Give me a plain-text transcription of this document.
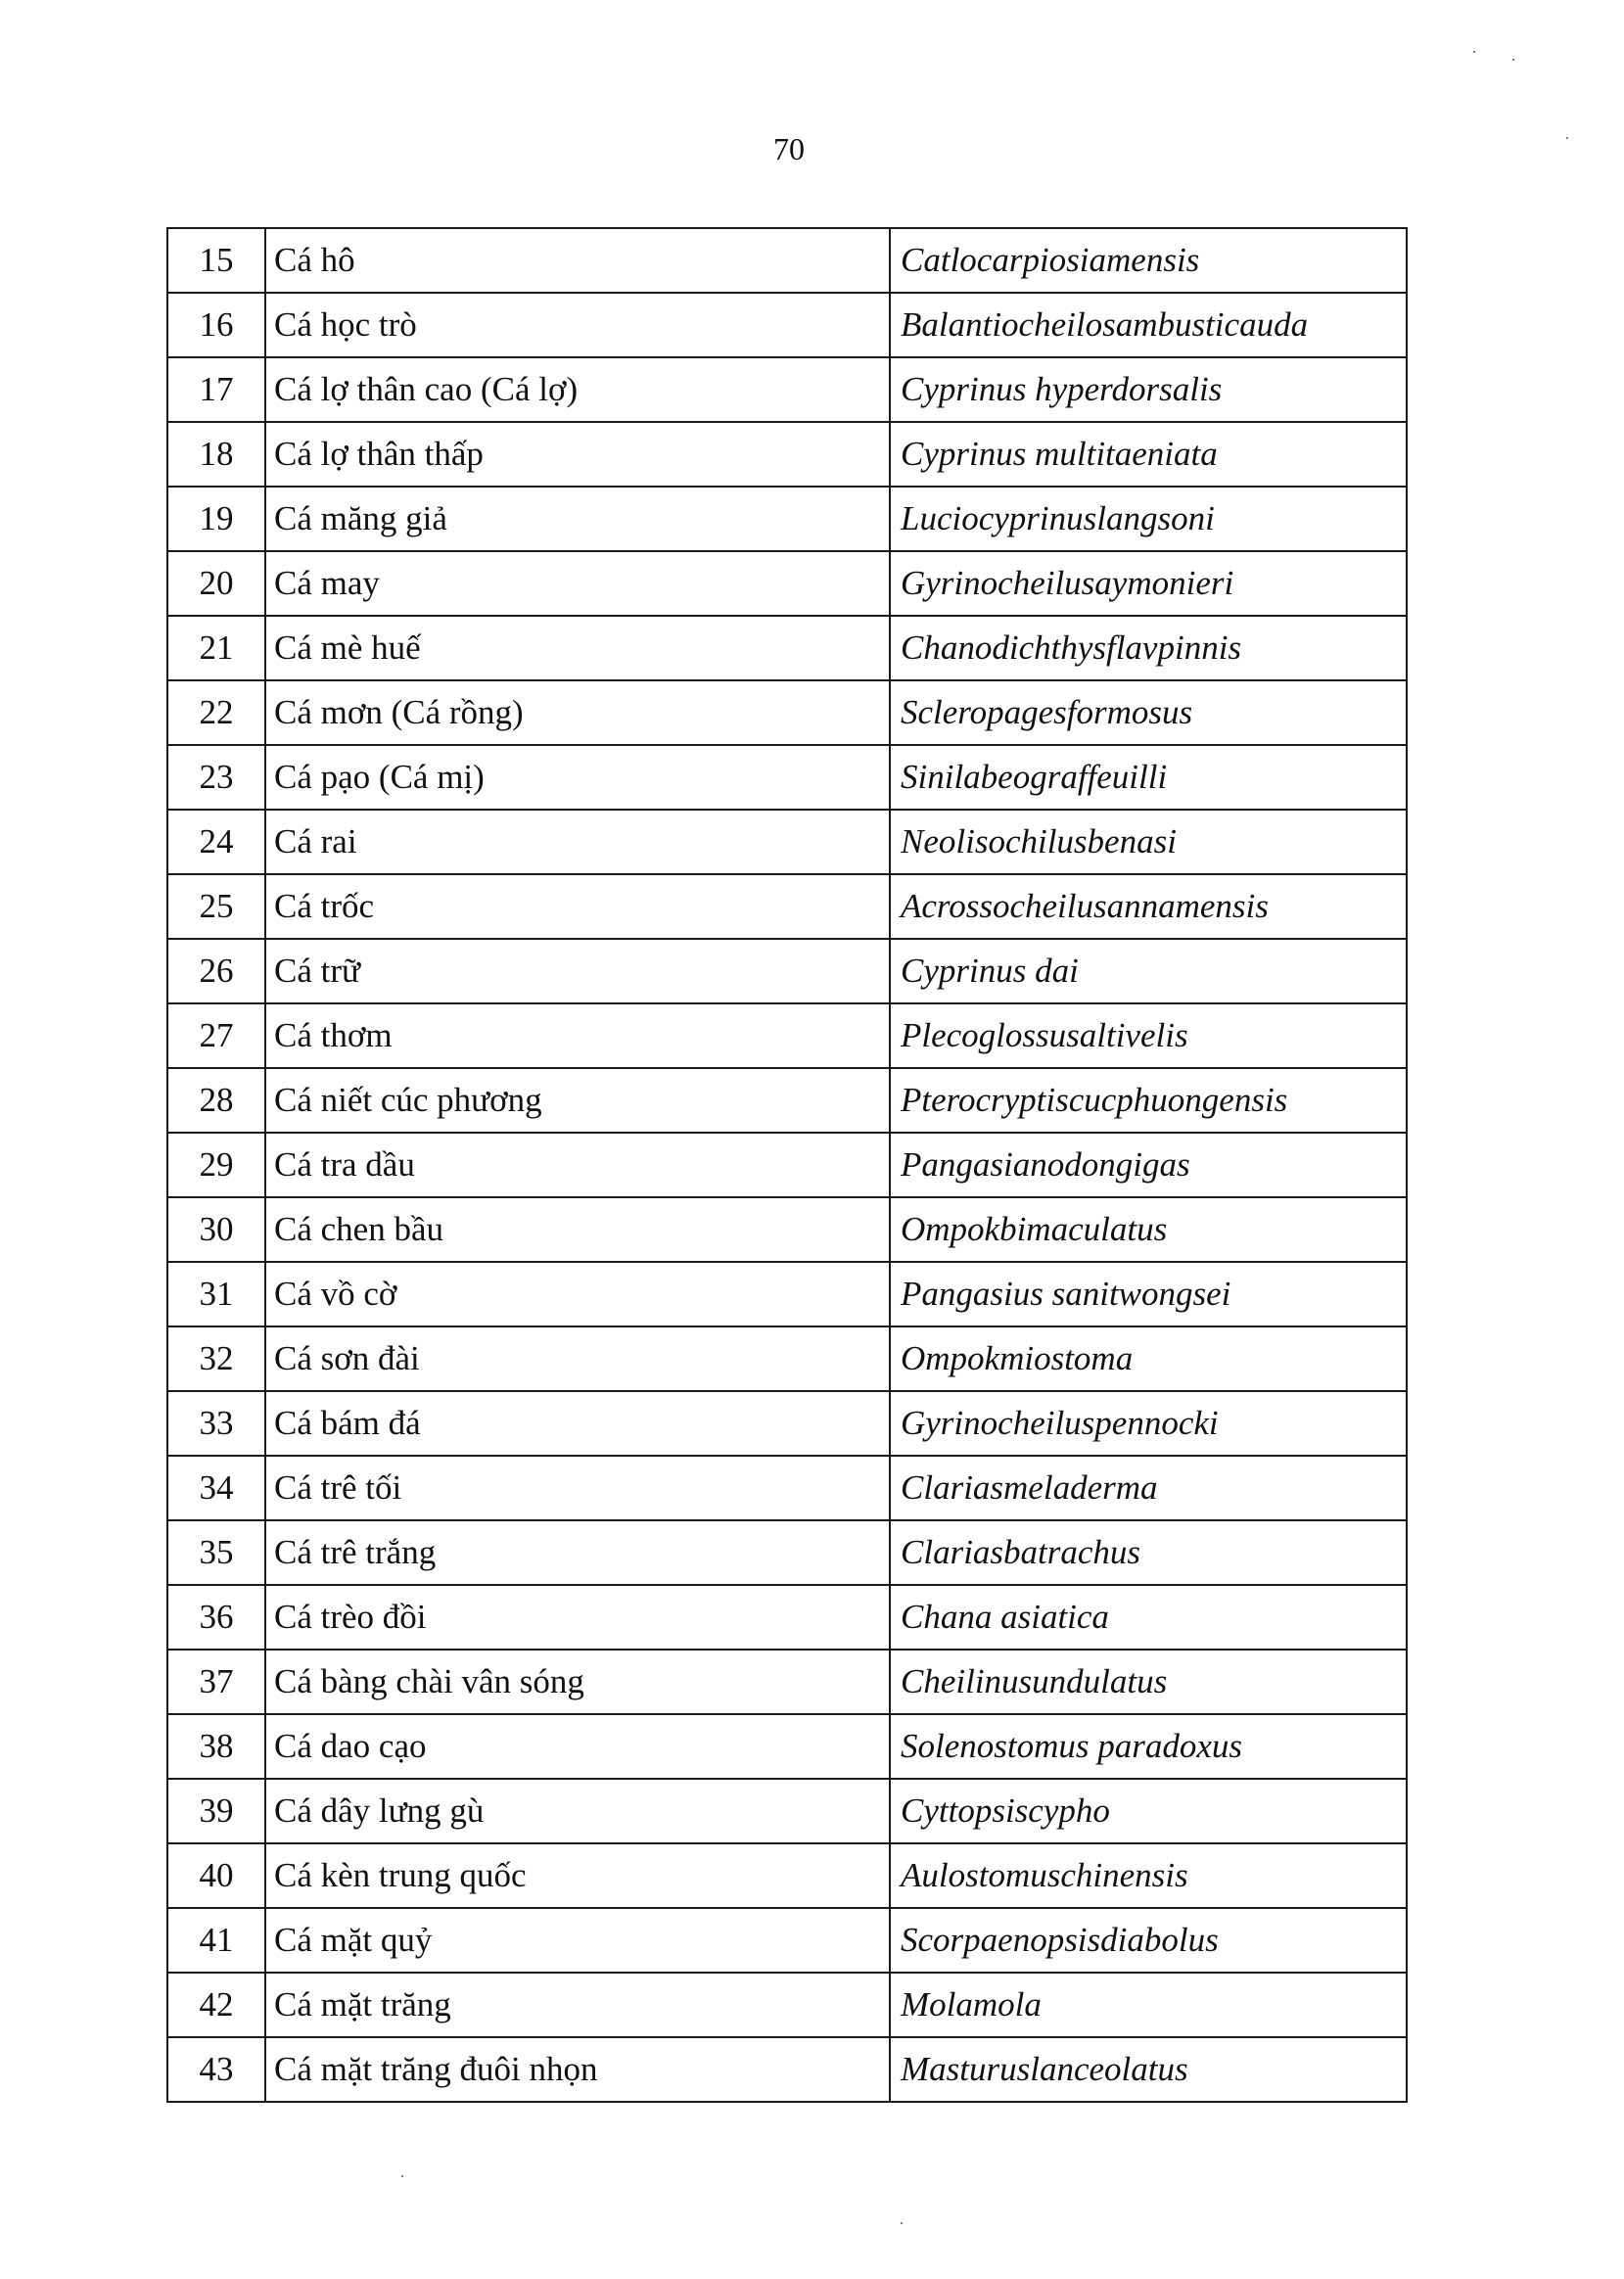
70
15	Cá hô	Catlocarpiosiamensis
16	Cá học trò	Balantiocheilosambusticauda
17	Cá lợ thân cao (Cá lợ)	Cyprinus hyperdorsalis
18	Cá lợ thân thấp	Cyprinus multitaeniata
19	Cá măng giả	Luciocyprinuslangsoni
20	Cá may	Gyrinocheilusaymonieri
21	Cá mè huế	Chanodichthysflavpinnis
22	Cá mơn (Cá rồng)	Scleropagesformosus
23	Cá pạo (Cá mị)	Sinilabeograffeuilli
24	Cá rai	Neolisochilusbenasi
25	Cá trốc	Acrossocheilusannamensis
26	Cá trữ	Cyprinus dai
27	Cá thơm	Plecoglossusaltivelis
28	Cá niết cúc phương	Pterocryptiscucphuongensis
29	Cá tra dầu	Pangasianodongigas
30	Cá chen bầu	Ompokbimaculatus
31	Cá vồ cờ	Pangasius sanitwongsei
32	Cá sơn đài	Ompokmiostoma
33	Cá bám đá	Gyrinocheiluspennocki
34	Cá trê tối	Clariasmeladerma
35	Cá trê trắng	Clariasbatrachus
36	Cá trèo đồi	Chana asiatica
37	Cá bàng chài vân sóng	Cheilinusundulatus
38	Cá dao cạo	Solenostomus paradoxus
39	Cá dây lưng gù	Cyttopsiscypho
40	Cá kèn trung quốc	Aulostomuschinensis
41	Cá mặt quỷ	Scorpaenopsisdiabolus
42	Cá mặt trăng	Molamola
43	Cá mặt trăng đuôi nhọn	Masturuslanceolatus
